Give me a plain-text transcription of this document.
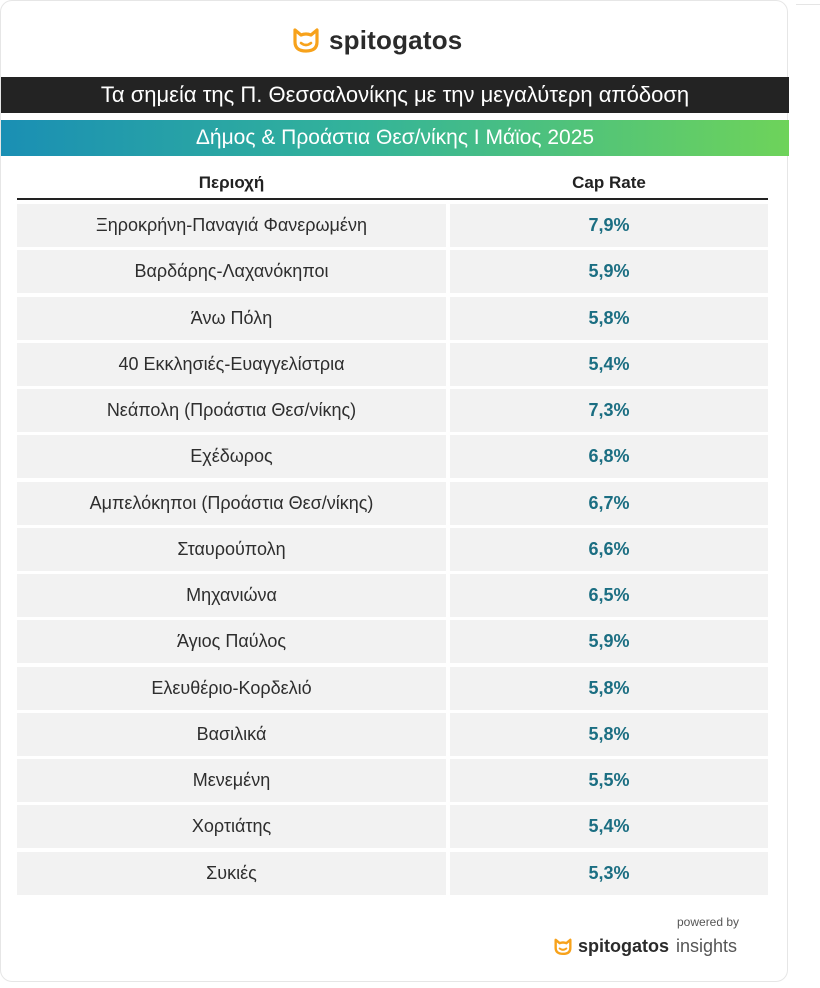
spitogatos
Τα σημεία της Π. Θεσσαλονίκης με την μεγαλύτερη απόδοση
Δήμος & Προάστια Θεσ/νίκης I Μάϊος 2025
Περιοχή	Cap Rate
Ξηροκρήνη-Παναγιά Φανερωμένη	7,9%
Βαρδάρης-Λαχανόκηποι	5,9%
Άνω Πόλη	5,8%
40 Εκκλησιές-Ευαγγελίστρια	5,4%
Νεάπολη (Προάστια Θεσ/νίκης)	7,3%
Εχέδωρος	6,8%
Αμπελόκηποι (Προάστια Θεσ/νίκης)	6,7%
Σταυρούπολη	6,6%
Μηχανιώνα	6,5%
Άγιος Παύλος	5,9%
Ελευθέριο-Κορδελιό	5,8%
Βασιλικά	5,8%
Μενεμένη	5,5%
Χορτιάτης	5,4%
Συκιές	5,3%
powered by
spitogatos insights
